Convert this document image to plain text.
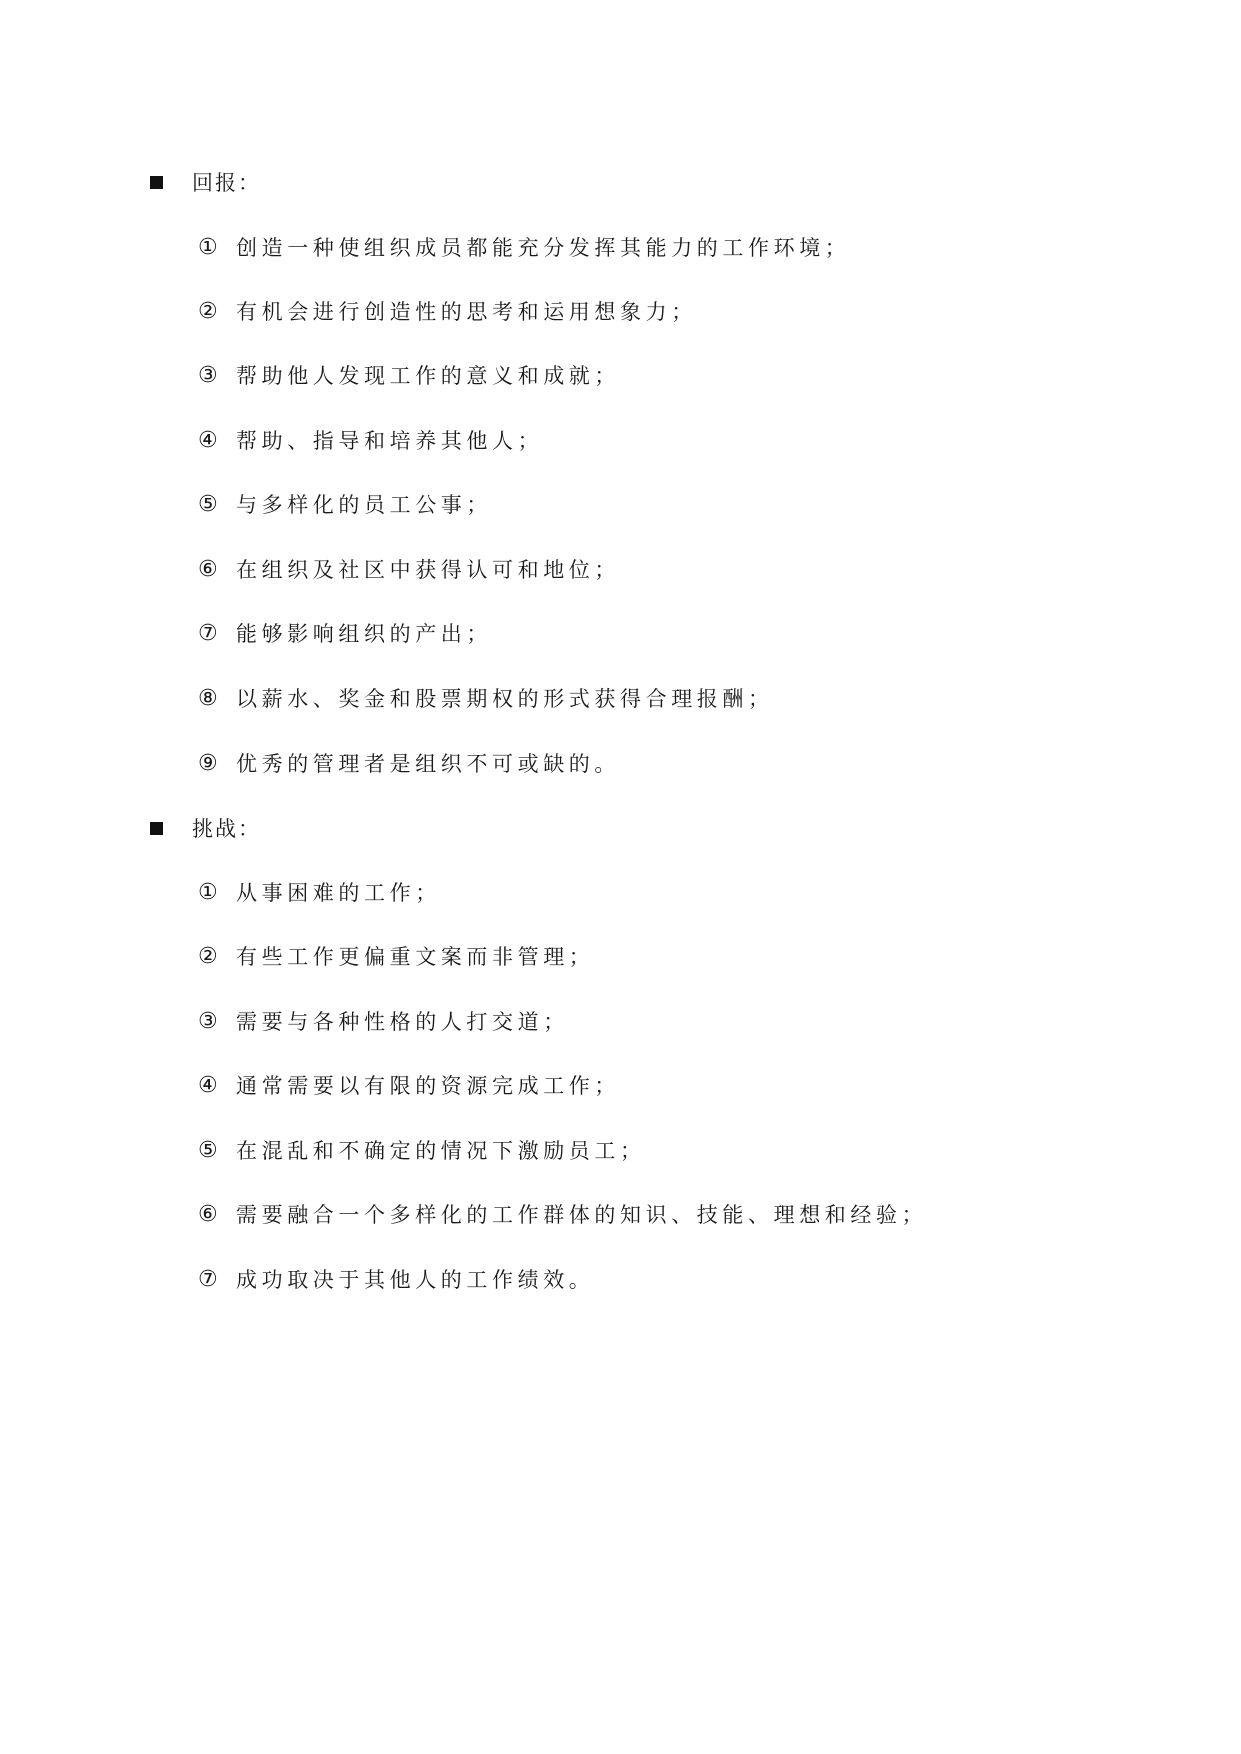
回报：
① 创造一种使组织成员都能充分发挥其能力的工作环境；
② 有机会进行创造性的思考和运用想象力；
③ 帮助他人发现工作的意义和成就；
④ 帮助、指导和培养其他人；
⑤ 与多样化的员工公事；
⑥ 在组织及社区中获得认可和地位；
⑦ 能够影响组织的产出；
⑧ 以薪水、奖金和股票期权的形式获得合理报酬；
⑨ 优秀的管理者是组织不可或缺的。
挑战：
① 从事困难的工作；
② 有些工作更偏重文案而非管理；
③ 需要与各种性格的人打交道；
④ 通常需要以有限的资源完成工作；
⑤ 在混乱和不确定的情况下激励员工；
⑥ 需要融合一个多样化的工作群体的知识、技能、理想和经验；
⑦ 成功取决于其他人的工作绩效。
